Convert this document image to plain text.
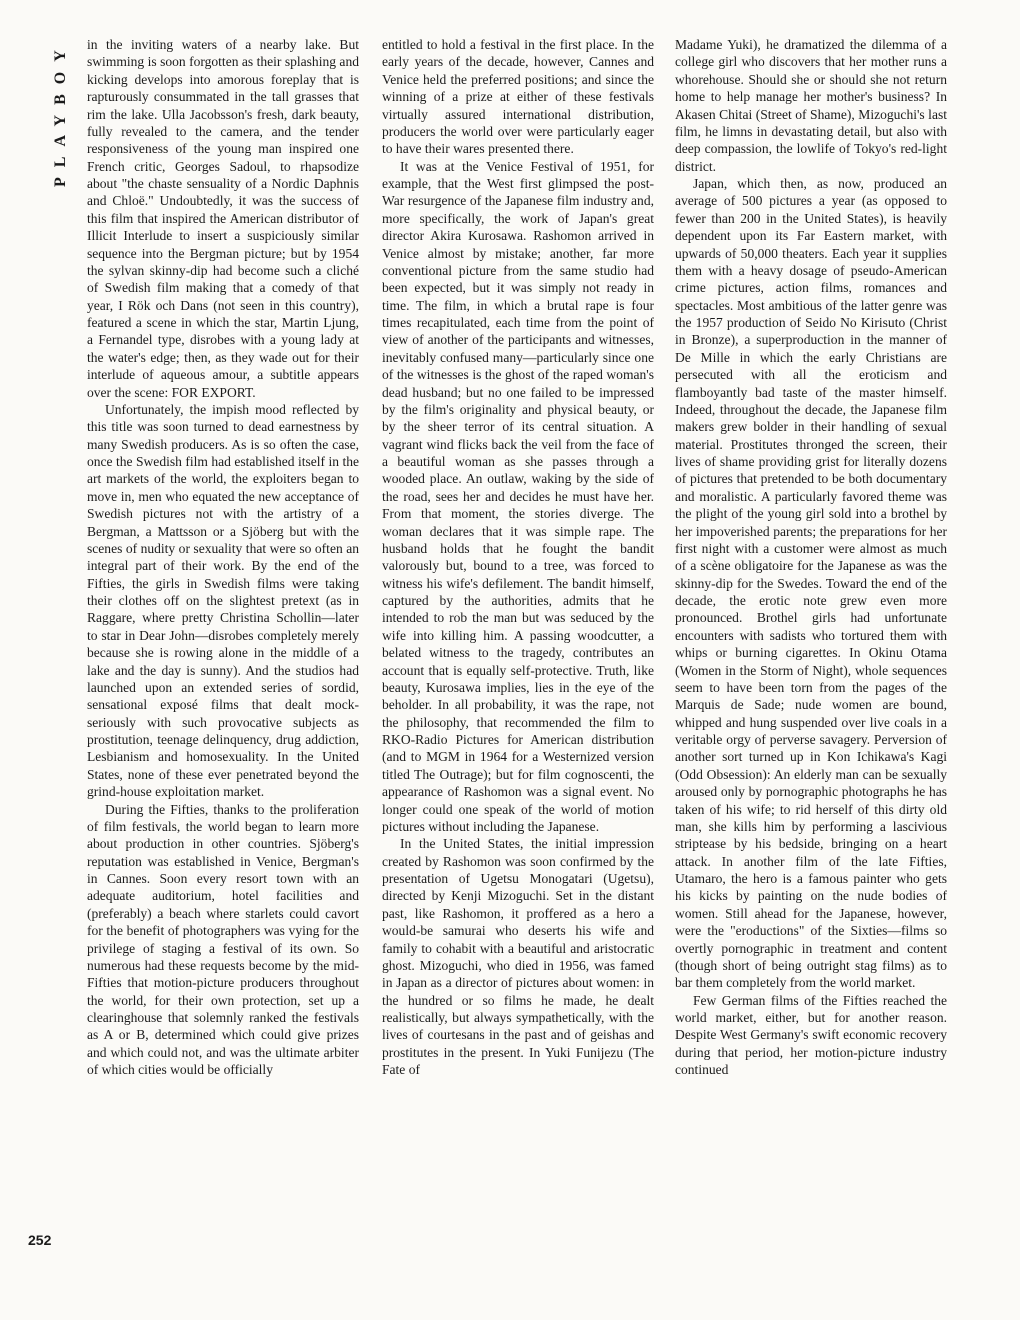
PLAYBOY in the inviting waters of a nearby lake. But swimming is soon forgotten as their splashing and kicking develops into amorous foreplay that is rapturously consummated in the tall grasses that rim the lake. Ulla Jacobsson's fresh, dark beauty, fully revealed to the camera, and the tender responsiveness of the young man inspired one French critic, Georges Sadoul, to rhapsodize about "the chaste sensuality of a Nordic Daphnis and Chloë." Undoubtedly, it was the success of this film that inspired the American distributor of Illicit Interlude to insert a suspiciously similar sequence into the Bergman picture; but by 1954 the sylvan skinny-dip had become such a cliché of Swedish film making that a comedy of that year, I Rök och Dans (not seen in this country), featured a scene in which the star, Martin Ljung, a Fernandel type, disrobes with a young lady at the water's edge; then, as they wade out for their interlude of aqueous amour, a subtitle appears over the scene: FOR EXPORT.

Unfortunately, the impish mood reflected by this title was soon turned to dead earnestness by many Swedish producers. As is so often the case, once the Swedish film had established itself in the art markets of the world, the exploiters began to move in, men who equated the new acceptance of Swedish pictures not with the artistry of a Bergman, a Mattsson or a Sjöberg but with the scenes of nudity or sexuality that were so often an integral part of their work. By the end of the Fifties, the girls in Swedish films were taking their clothes off on the slightest pretext (as in Raggare, where pretty Christina Schollin—later to star in Dear John—disrobes completely merely because she is rowing alone in the middle of a lake and the day is sunny). And the studios had launched upon an extended series of sordid, sensational exposé films that dealt mock-seriously with such provocative subjects as prostitution, teenage delinquency, drug addiction, Lesbianism and homosexuality. In the United States, none of these ever penetrated beyond the grind-house exploitation market.

During the Fifties, thanks to the proliferation of film festivals, the world began to learn more about production in other countries. Sjöberg's reputation was established in Venice, Bergman's in Cannes. Soon every resort town with an adequate auditorium, hotel facilities and (preferably) a beach where starlets could cavort for the benefit of photographers was vying for the privilege of staging a festival of its own. So numerous had these requests become by the mid-Fifties that motion-picture producers throughout the world, for their own protection, set up a clearinghouse that solemnly ranked the festivals as A or B, determined which could give prizes and which could not, and was the ultimate arbiter of which cities would be officially

entitled to hold a festival in the first place. In the early years of the decade, however, Cannes and Venice held the preferred positions; and since the winning of a prize at either of these festivals virtually assured international distribution, producers the world over were particularly eager to have their wares presented there.

It was at the Venice Festival of 1951, for example, that the West first glimpsed the post-War resurgence of the Japanese film industry and, more specifically, the work of Japan's great director Akira Kurosawa. Rashomon arrived in Venice almost by mistake; another, far more conventional picture from the same studio had been expected, but it was simply not ready in time. The film, in which a brutal rape is four times recapitulated, each time from the point of view of another of the participants and witnesses, inevitably confused many—particularly since one of the witnesses is the ghost of the raped woman's dead husband; but no one failed to be impressed by the film's originality and physical beauty, or by the sheer terror of its central situation. A vagrant wind flicks back the veil from the face of a beautiful woman as she passes through a wooded place. An outlaw, waking by the side of the road, sees her and decides he must have her. From that moment, the stories diverge. The woman declares that it was simple rape. The husband holds that he fought the bandit valorously but, bound to a tree, was forced to witness his wife's defilement. The bandit himself, captured by the authorities, admits that he intended to rob the man but was seduced by the wife into killing him. A passing woodcutter, a belated witness to the tragedy, contributes an account that is equally self-protective. Truth, like beauty, Kurosawa implies, lies in the eye of the beholder. In all probability, it was the rape, not the philosophy, that recommended the film to RKO-Radio Pictures for American distribution (and to MGM in 1964 for a Westernized version titled The Outrage); but for film cognoscenti, the appearance of Rashomon was a signal event. No longer could one speak of the world of motion pictures without including the Japanese.

In the United States, the initial impression created by Rashomon was soon confirmed by the presentation of Ugetsu Monogatari (Ugetsu), directed by Kenji Mizoguchi. Set in the distant past, like Rashomon, it proffered as a hero a would-be samurai who deserts his wife and family to cohabit with a beautiful and aristocratic ghost. Mizoguchi, who died in 1956, was famed in Japan as a director of pictures about women: in the hundred or so films he made, he dealt realistically, but always sympathetically, with the lives of courtesans in the past and of geishas and prostitutes in the present. In Yuki Funijezu (The Fate of

Madame Yuki), he dramatized the dilemma of a college girl who discovers that her mother runs a whorehouse. Should she or should she not return home to help manage her mother's business? In Akasen Chitai (Street of Shame), Mizoguchi's last film, he limns in devastating detail, but also with deep compassion, the lowlife of Tokyo's red-light district.

Japan, which then, as now, produced an average of 500 pictures a year (as opposed to fewer than 200 in the United States), is heavily dependent upon its Far Eastern market, with upwards of 50,000 theaters. Each year it supplies them with a heavy dosage of pseudo-American crime pictures, action films, romances and spectacles. Most ambitious of the latter genre was the 1957 production of Seido No Kirisuto (Christ in Bronze), a superproduction in the manner of De Mille in which the early Christians are persecuted with all the eroticism and flamboyantly bad taste of the master himself. Indeed, throughout the decade, the Japanese film makers grew bolder in their handling of sexual material. Prostitutes thronged the screen, their lives of shame providing grist for literally dozens of pictures that pretended to be both documentary and moralistic. A particularly favored theme was the plight of the young girl sold into a brothel by her impoverished parents; the preparations for her first night with a customer were almost as much of a scène obligatoire for the Japanese as was the skinny-dip for the Swedes. Toward the end of the decade, the erotic note grew even more pronounced. Brothel girls had unfortunate encounters with sadists who tortured them with whips or burning cigarettes. In Okinu Otama (Women in the Storm of Night), whole sequences seem to have been torn from the pages of the Marquis de Sade; nude women are bound, whipped and hung suspended over live coals in a veritable orgy of perverse savagery. Perversion of another sort turned up in Kon Ichikawa's Kagi (Odd Obsession): An elderly man can be sexually aroused only by pornographic photographs he has taken of his wife; to rid herself of this dirty old man, she kills him by performing a lascivious striptease by his bedside, bringing on a heart attack. In another film of the late Fifties, Utamaro, the hero is a famous painter who gets his kicks by painting on the nude bodies of women. Still ahead for the Japanese, however, were the "eroductions" of the Sixties—films so overtly pornographic in treatment and content (though short of being outright stag films) as to bar them completely from the world market.

Few German films of the Fifties reached the world market, either, but for another reason. Despite West Germany's swift economic recovery during that period, her motion-picture industry continued

252
